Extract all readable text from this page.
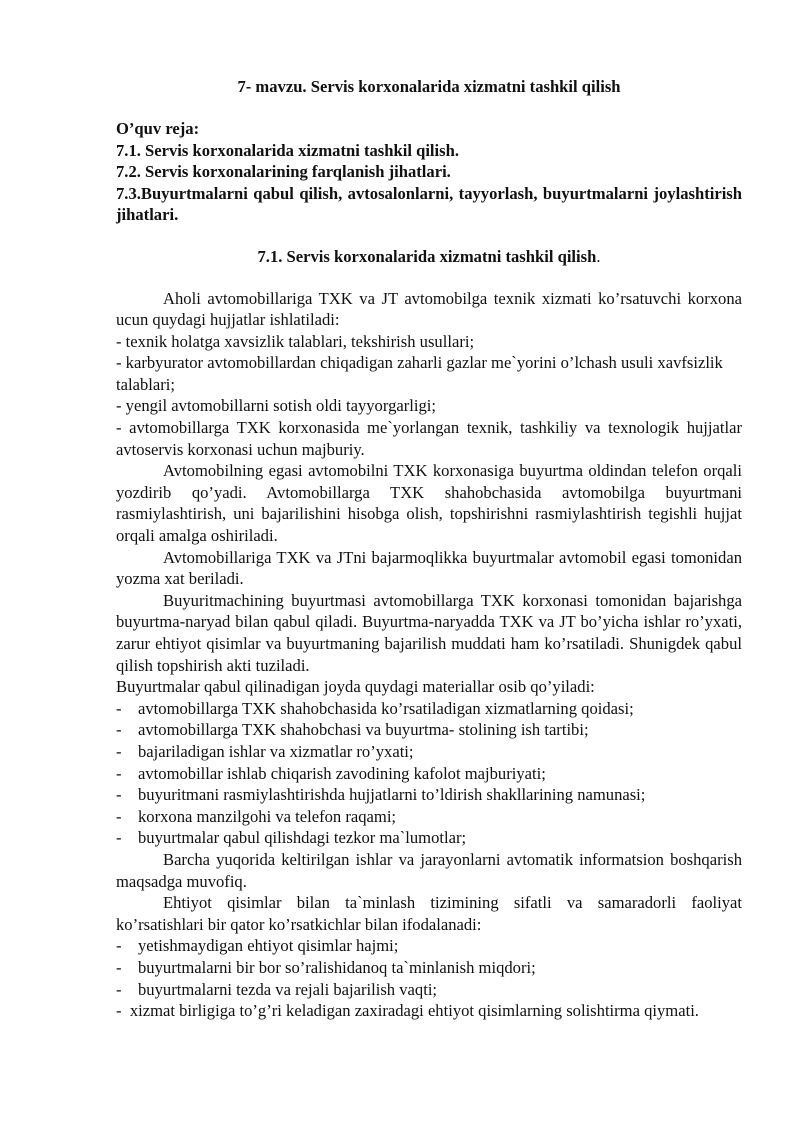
7- mavzu. Servis korxonalarida xizmatni tashkil qilish

O’quv reja:
7.1. Servis korxonalarida xizmatni tashkil qilish.
7.2. Servis korxonalarining farqlanish jihatlari.
7.3.Buyurtmalarni qabul qilish, avtosalonlarni, tayyorlash, buyurtmalarni joylashtirish jihatlari.

7.1. Servis korxonalarida xizmatni tashkil qilish.

Aholi avtomobillariga TXK va JT avtomobilga texnik xizmati ko’rsatuvchi korxona ucun quydagi hujjatlar ishlatiladi:

- texnik holatga xavsizlik talablari, tekshirish usullari;

- karbyurator avtomobillardan chiqadigan zaharli gazlar me`yorini o’lchash usuli xavfsizlik talablari;

- yengil avtomobillarni sotish oldi tayyorgarligi;

- avtomobillarga TXK korxonasida me`yorlangan texnik, tashkiliy va texnologik hujjatlar avtoservis korxonasi uchun majburiy.

Avtomobilning egasi avtomobilni TXK korxonasiga buyurtma oldindan telefon orqali yozdirib qo’yadi. Avtomobillarga TXK shahobchasida avtomobilga buyurtmani rasmiylashtirish, uni bajarilishini hisobga olish, topshirishni rasmiylashtirish tegishli hujjat orqali amalga oshiriladi.

Avtomobillariga TXK va JTni bajarmoqlikka buyurtmalar avtomobil egasi tomonidan yozma xat beriladi.

Buyuritmachining buyurtmasi avtomobillarga TXK korxonasi tomonidan bajarishga buyurtma-naryad bilan qabul qiladi. Buyurtma-naryadda TXK va JT bo’yicha ishlar ro’yxati, zarur ehtiyot qisimlar va buyurtmaning bajarilish muddati ham ko’rsatiladi. Shunigdek qabul qilish topshirish akti tuziladi.

Buyurtmalar qabul qilinadigan joyda quydagi materiallar osib qo’yiladi:

- avtomobillarga TXK shahobchasida ko’rsatiladigan xizmatlarning qoidasi;
- avtomobillarga TXK shahobchasi va buyurtma- stolining ish tartibi;
- bajariladigan ishlar va xizmatlar ro’yxati;
- avtomobillar ishlab chiqarish zavodining kafolot majburiyati;
- buyuritmani rasmiylashtirishda hujjatlarni to’ldirish shakllarining namunasi;
- korxona manzilgohi va telefon raqami;
- buyurtmalar qabul qilishdagi tezkor ma`lumotlar;

Barcha yuqorida keltirilgan ishlar va jarayonlarni avtomatik informatsion boshqarish maqsadga muvofiq.

Ehtiyot qisimlar bilan ta`minlash tizimining sifatli va samaradorli faoliyat ko’rsatishlari bir qator ko’rsatkichlar bilan ifodalanadi:

- yetishmaydigan ehtiyot qisimlar hajmi;
- buyurtmalarni bir bor so’ralishidanoq ta`minlanish miqdori;
- buyurtmalarni tezda va rejali bajarilish vaqti;

- xizmat birligiga to’g’ri keladigan zaxiradagi ehtiyot qisimlarning solishtirma qiymati.
